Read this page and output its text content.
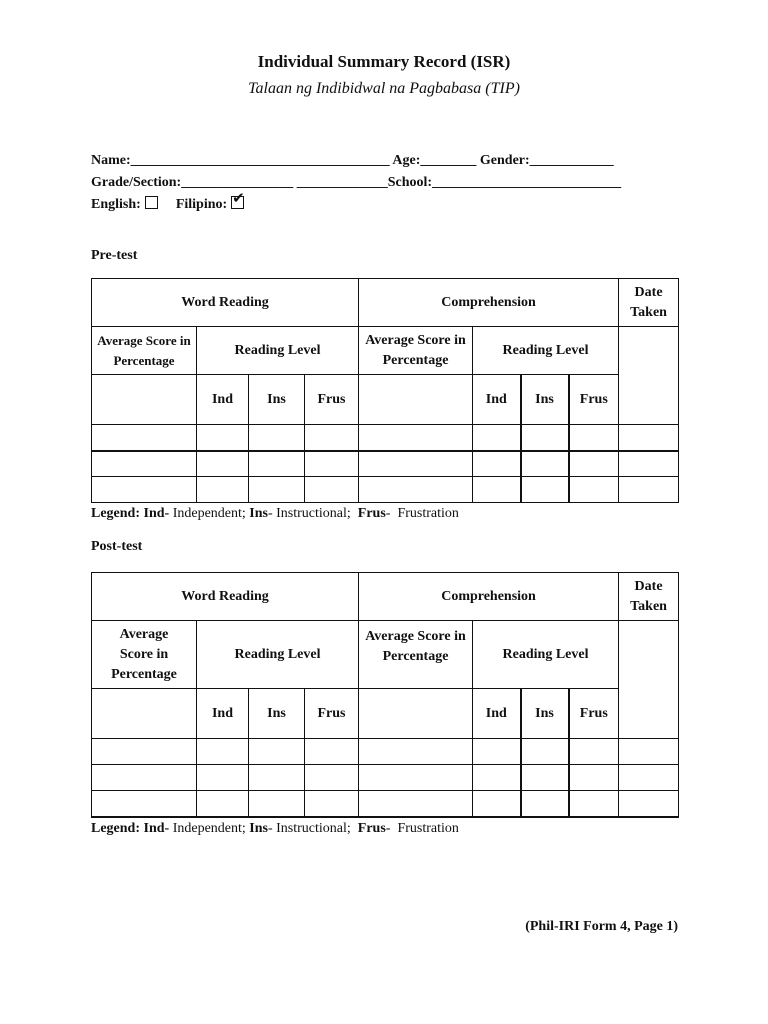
Individual Summary Record (ISR)
Talaan ng Indibidwal na Pagbabasa (TIP)
Name:_____________________________________ Age:________ Gender:____________
Grade/Section:________________ _____________School:___________________________
English:	Filipino: ✔
Pre-test
Word Reading				Comprehension				Date Taken
Average Score in Percentage	Reading Level			Average Score in Percentage	Reading Level			
	Ind	Ins	Frus		Ind	Ins	Frus	

Legend: Ind- Independent; Ins- Instructional;  Frus-  Frustration
Post-test
Word Reading				Comprehension				Date Taken
Average Score in Percentage	Reading Level			Average Score in Percentage	Reading Level			
	Ind	Ins	Frus		Ind	Ins	Frus	

Legend: Ind- Independent; Ins- Instructional;  Frus-  Frustration
(Phil-IRI Form 4, Page 1)
